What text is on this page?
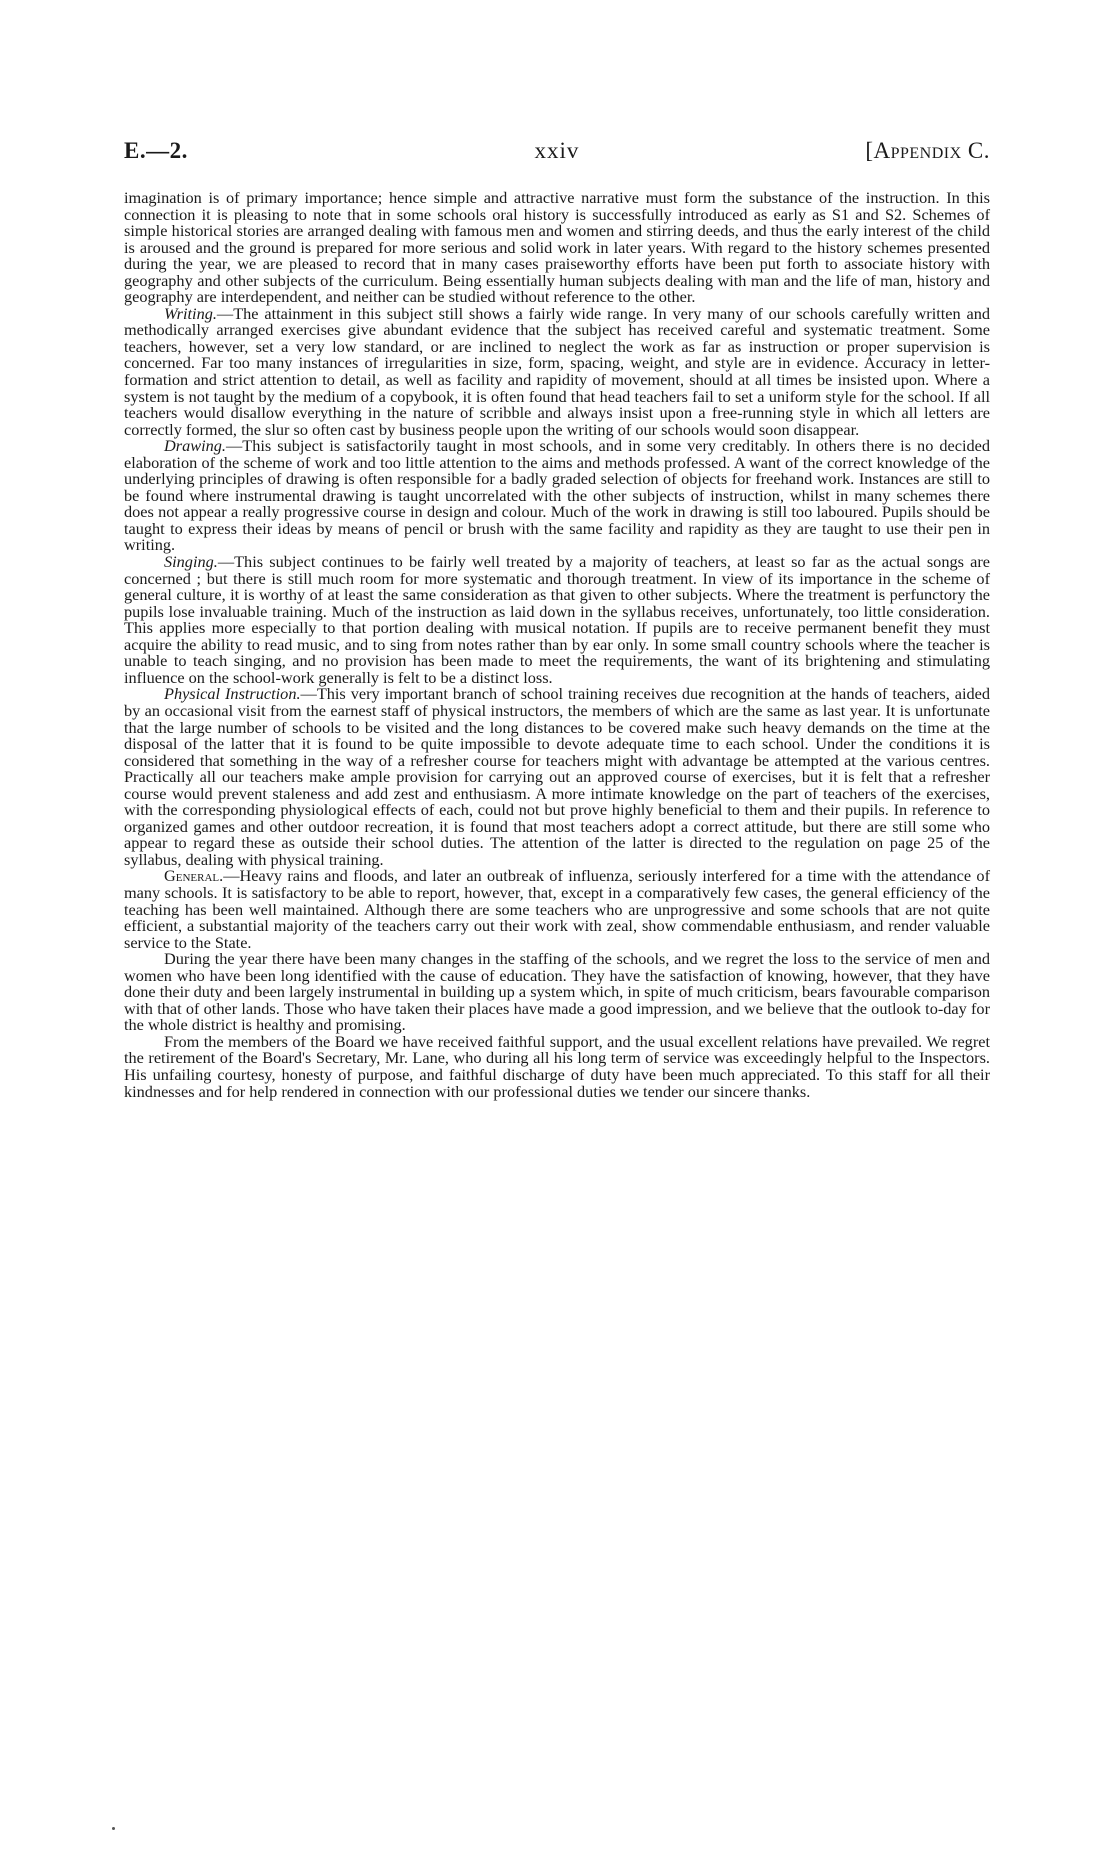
E.—2.	xxiv	[Appendix C.

imagination is of primary importance; hence simple and attractive narrative must form the substance of the instruction. In this connection it is pleasing to note that in some schools oral history is successfully introduced as early as S1 and S2. Schemes of simple historical stories are arranged dealing with famous men and women and stirring deeds, and thus the early interest of the child is aroused and the ground is prepared for more serious and solid work in later years. With regard to the history schemes presented during the year, we are pleased to record that in many cases praiseworthy efforts have been put forth to associate history with geography and other subjects of the curriculum. Being essentially human subjects dealing with man and the life of man, history and geography are interdependent, and neither can be studied without reference to the other.

Writing.—The attainment in this subject still shows a fairly wide range. In very many of our schools carefully written and methodically arranged exercises give abundant evidence that the subject has received careful and systematic treatment. Some teachers, however, set a very low standard, or are inclined to neglect the work as far as instruction or proper supervision is concerned. Far too many instances of irregularities in size, form, spacing, weight, and style are in evidence. Accuracy in letter-formation and strict attention to detail, as well as facility and rapidity of movement, should at all times be insisted upon. Where a system is not taught by the medium of a copybook, it is often found that head teachers fail to set a uniform style for the school. If all teachers would disallow everything in the nature of scribble and always insist upon a free-running style in which all letters are correctly formed, the slur so often cast by business people upon the writing of our schools would soon disappear.

Drawing.—This subject is satisfactorily taught in most schools, and in some very creditably. In others there is no decided elaboration of the scheme of work and too little attention to the aims and methods professed. A want of the correct knowledge of the underlying principles of drawing is often responsible for a badly graded selection of objects for freehand work. Instances are still to be found where instrumental drawing is taught uncorrelated with the other subjects of instruction, whilst in many schemes there does not appear a really progressive course in design and colour. Much of the work in drawing is still too laboured. Pupils should be taught to express their ideas by means of pencil or brush with the same facility and rapidity as they are taught to use their pen in writing.

Singing.—This subject continues to be fairly well treated by a majority of teachers, at least so far as the actual songs are concerned ; but there is still much room for more systematic and thorough treatment. In view of its importance in the scheme of general culture, it is worthy of at least the same consideration as that given to other subjects. Where the treatment is perfunctory the pupils lose invaluable training. Much of the instruction as laid down in the syllabus receives, unfortunately, too little consideration. This applies more especially to that portion dealing with musical notation. If pupils are to receive permanent benefit they must acquire the ability to read music, and to sing from notes rather than by ear only. In some small country schools where the teacher is unable to teach singing, and no provision has been made to meet the requirements, the want of its brightening and stimulating influence on the school-work generally is felt to be a distinct loss.

Physical Instruction.—This very important branch of school training receives due recognition at the hands of teachers, aided by an occasional visit from the earnest staff of physical instructors, the members of which are the same as last year. It is unfortunate that the large number of schools to be visited and the long distances to be covered make such heavy demands on the time at the disposal of the latter that it is found to be quite impossible to devote adequate time to each school. Under the conditions it is considered that something in the way of a refresher course for teachers might with advantage be attempted at the various centres. Practically all our teachers make ample provision for carrying out an approved course of exercises, but it is felt that a refresher course would prevent staleness and add zest and enthusiasm. A more intimate knowledge on the part of teachers of the exercises, with the corresponding physiological effects of each, could not but prove highly beneficial to them and their pupils. In reference to organized games and other outdoor recreation, it is found that most teachers adopt a correct attitude, but there are still some who appear to regard these as outside their school duties. The attention of the latter is directed to the regulation on page 25 of the syllabus, dealing with physical training.

General.—Heavy rains and floods, and later an outbreak of influenza, seriously interfered for a time with the attendance of many schools. It is satisfactory to be able to report, however, that, except in a comparatively few cases, the general efficiency of the teaching has been well maintained. Although there are some teachers who are unprogressive and some schools that are not quite efficient, a substantial majority of the teachers carry out their work with zeal, show commendable enthusiasm, and render valuable service to the State.

During the year there have been many changes in the staffing of the schools, and we regret the loss to the service of men and women who have been long identified with the cause of education. They have the satisfaction of knowing, however, that they have done their duty and been largely instrumental in building up a system which, in spite of much criticism, bears favourable comparison with that of other lands. Those who have taken their places have made a good impression, and we believe that the outlook to-day for the whole district is healthy and promising.

From the members of the Board we have received faithful support, and the usual excellent relations have prevailed. We regret the retirement of the Board's Secretary, Mr. Lane, who during all his long term of service was exceedingly helpful to the Inspectors. His unfailing courtesy, honesty of purpose, and faithful discharge of duty have been much appreciated. To this staff for all their kindnesses and for help rendered in connection with our professional duties we tender our sincere thanks.
